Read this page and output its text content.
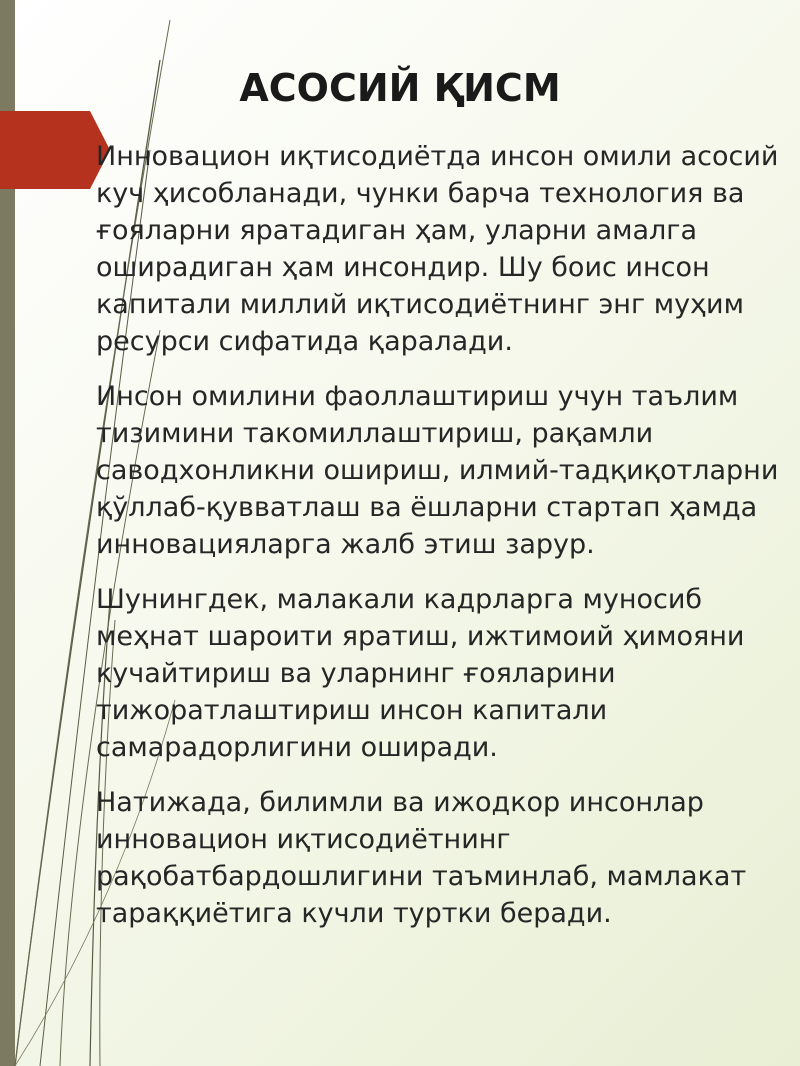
АСОСИЙ ҚИСМ

Инновацион иқтисодиётда инсон омили асосий куч ҳисобланади, чунки барча технология ва ғояларни яратадиган ҳам, уларни амалга оширадиган ҳам инсондир. Шу боис инсон капитали миллий иқтисодиётнинг энг муҳим ресурси сифатида қаралади.

Инсон омилини фаоллаштириш учун таълим тизимини такомиллаштириш, рақамли саводхонликни ошириш, илмий-тадқиқотларни қўллаб-қувватлаш ва ёшларни стартап ҳамда инновацияларга жалб этиш зарур.

Шунингдек, малакали кадрларга муносиб меҳнат шароити яратиш, ижтимоий ҳимояни кучайтириш ва уларнинг ғояларини тижоратлаштириш инсон капитали самарадорлигини оширади.

Натижада, билимли ва ижодкор инсонлар инновацион иқтисодиётнинг рақобатбардошлигини таъминлаб, мамлакат тараққиётига кучли туртки беради.
